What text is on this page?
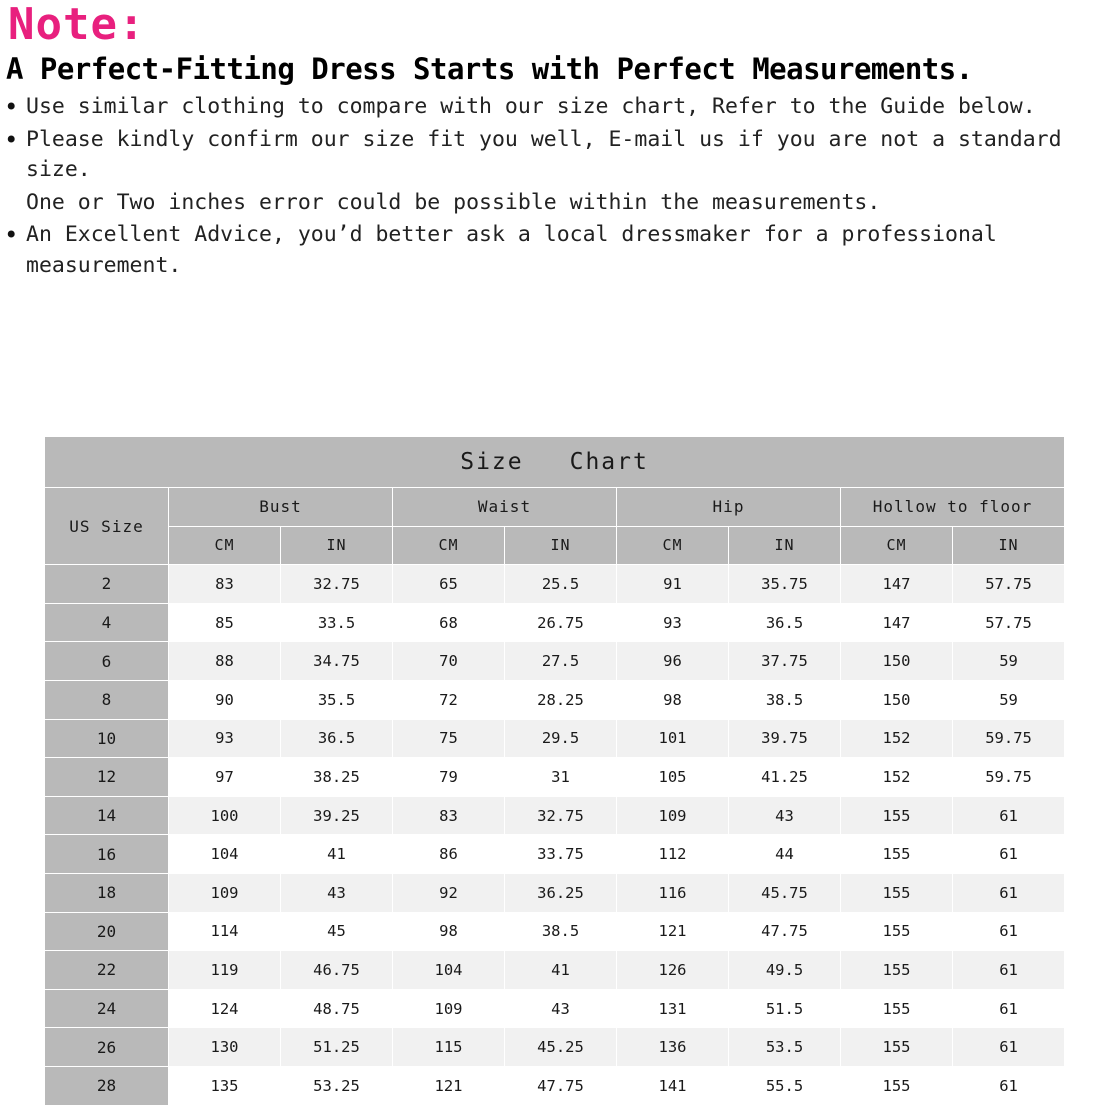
Note:
A Perfect-Fitting Dress Starts with Perfect Measurements.
• Use similar clothing to compare with our size chart, Refer to the Guide below.
• Please kindly confirm our size fit you well, E-mail us if you are not a standard size.
One or Two inches error could be possible within the measurements.
• An Excellent Advice, you’d better ask a local dressmaker for a professional measurement.
Size Chart								
US Size	Bust		Waist		Hip		Hollow to floor	
	CM	IN	CM	IN	CM	IN	CM	IN
2	83	32.75	65	25.5	91	35.75	147	57.75
4	85	33.5	68	26.75	93	36.5	147	57.75
6	88	34.75	70	27.5	96	37.75	150	59
8	90	35.5	72	28.25	98	38.5	150	59
10	93	36.5	75	29.5	101	39.75	152	59.75
12	97	38.25	79	31	105	41.25	152	59.75
14	100	39.25	83	32.75	109	43	155	61
16	104	41	86	33.75	112	44	155	61
18	109	43	92	36.25	116	45.75	155	61
20	114	45	98	38.5	121	47.75	155	61
22	119	46.75	104	41	126	49.5	155	61
24	124	48.75	109	43	131	51.5	155	61
26	130	51.25	115	45.25	136	53.5	155	61
28	135	53.25	121	47.75	141	55.5	155	61
